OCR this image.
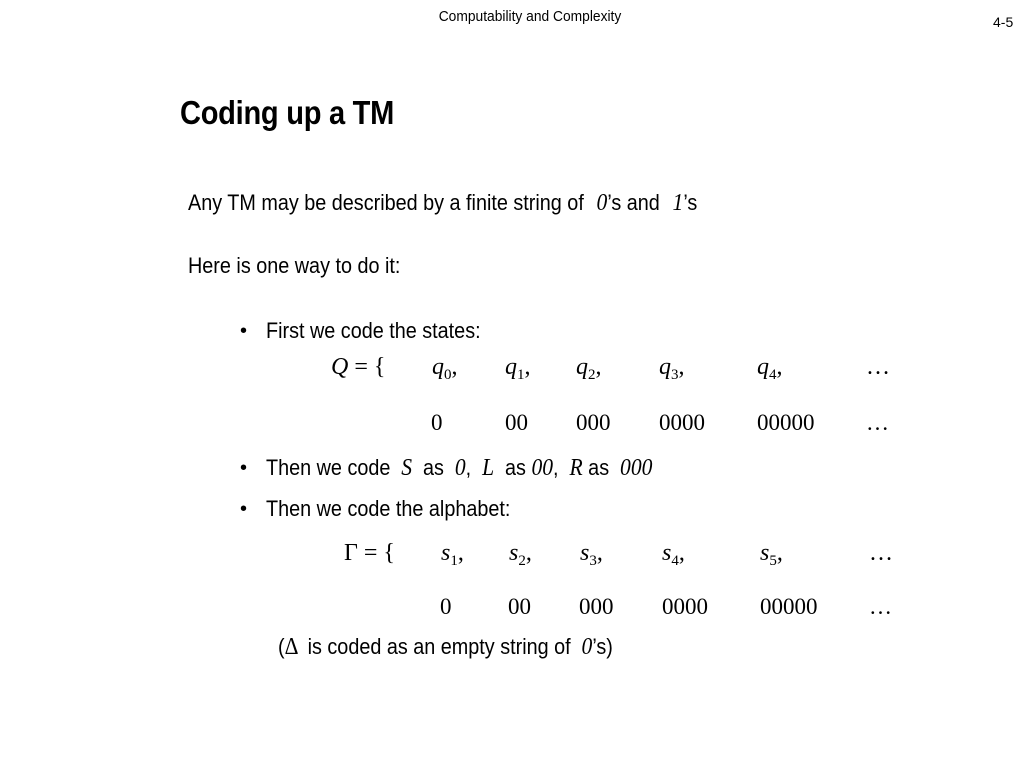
Computability and Complexity	4-5
Coding up a TM
Any TM may be described by a finite string of 0’s and 1’s
Here is one way to do it:
• First we code the states:
Q = { $q_0$, $q_1$, $q_2$, $q_3$,	$q_4$,	…
0	00 000 0000 00000 …
• Then we code S as 0, L as 00, R as 000
• Then we code the alphabet:
Γ = { $s_1$, $s_2$, $s_3$, $s_4$,	$s_5$,	…
0 00 000 0000 00000 …
(Δ is coded as an empty string of 0’s)
